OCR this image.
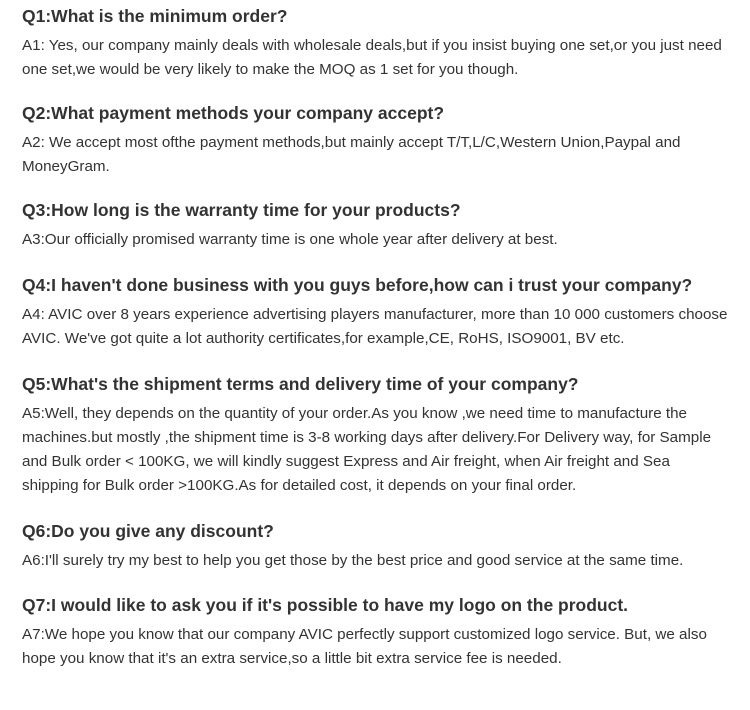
Q1:What is the minimum order?

A1: Yes, our company mainly deals with wholesale deals,but if you insist buying one set,or you just need one set,we would be very likely to make the MOQ as 1 set for you though.

Q2:What payment methods your company accept?

A2: We accept most ofthe payment methods,but mainly accept T/T,L/C,Western Union,Paypal and MoneyGram.

Q3:How long is the warranty time for your products?

A3:Our officially promised warranty time is one whole year after delivery at best.

Q4:I haven't done business with you guys before,how can i trust your company?

A4: AVIC over 8 years experience advertising players manufacturer, more than 10 000 customers choose AVIC. We've got quite a lot authority certificates,for example,CE, RoHS, ISO9001, BV etc.

Q5:What's the shipment terms and delivery time of your company?

A5:Well, they depends on the quantity of your order.As you know ,we need time to manufacture the machines.but mostly ,the shipment time is 3-8 working days after delivery.For Delivery way, for Sample and Bulk order < 100KG, we will kindly suggest Express and Air freight, when Air freight and Sea shipping for Bulk order >100KG.As for detailed cost, it depends on your final order.

Q6:Do you give any discount?

A6:I'll surely try my best to help you get those by the best price and good service at the same time.

Q7:I would like to ask you if it's possible to have my logo on the product.

A7:We hope you know that our company AVIC perfectly support customized logo service. But, we also hope you know that it's an extra service,so a little bit extra service fee is needed.
